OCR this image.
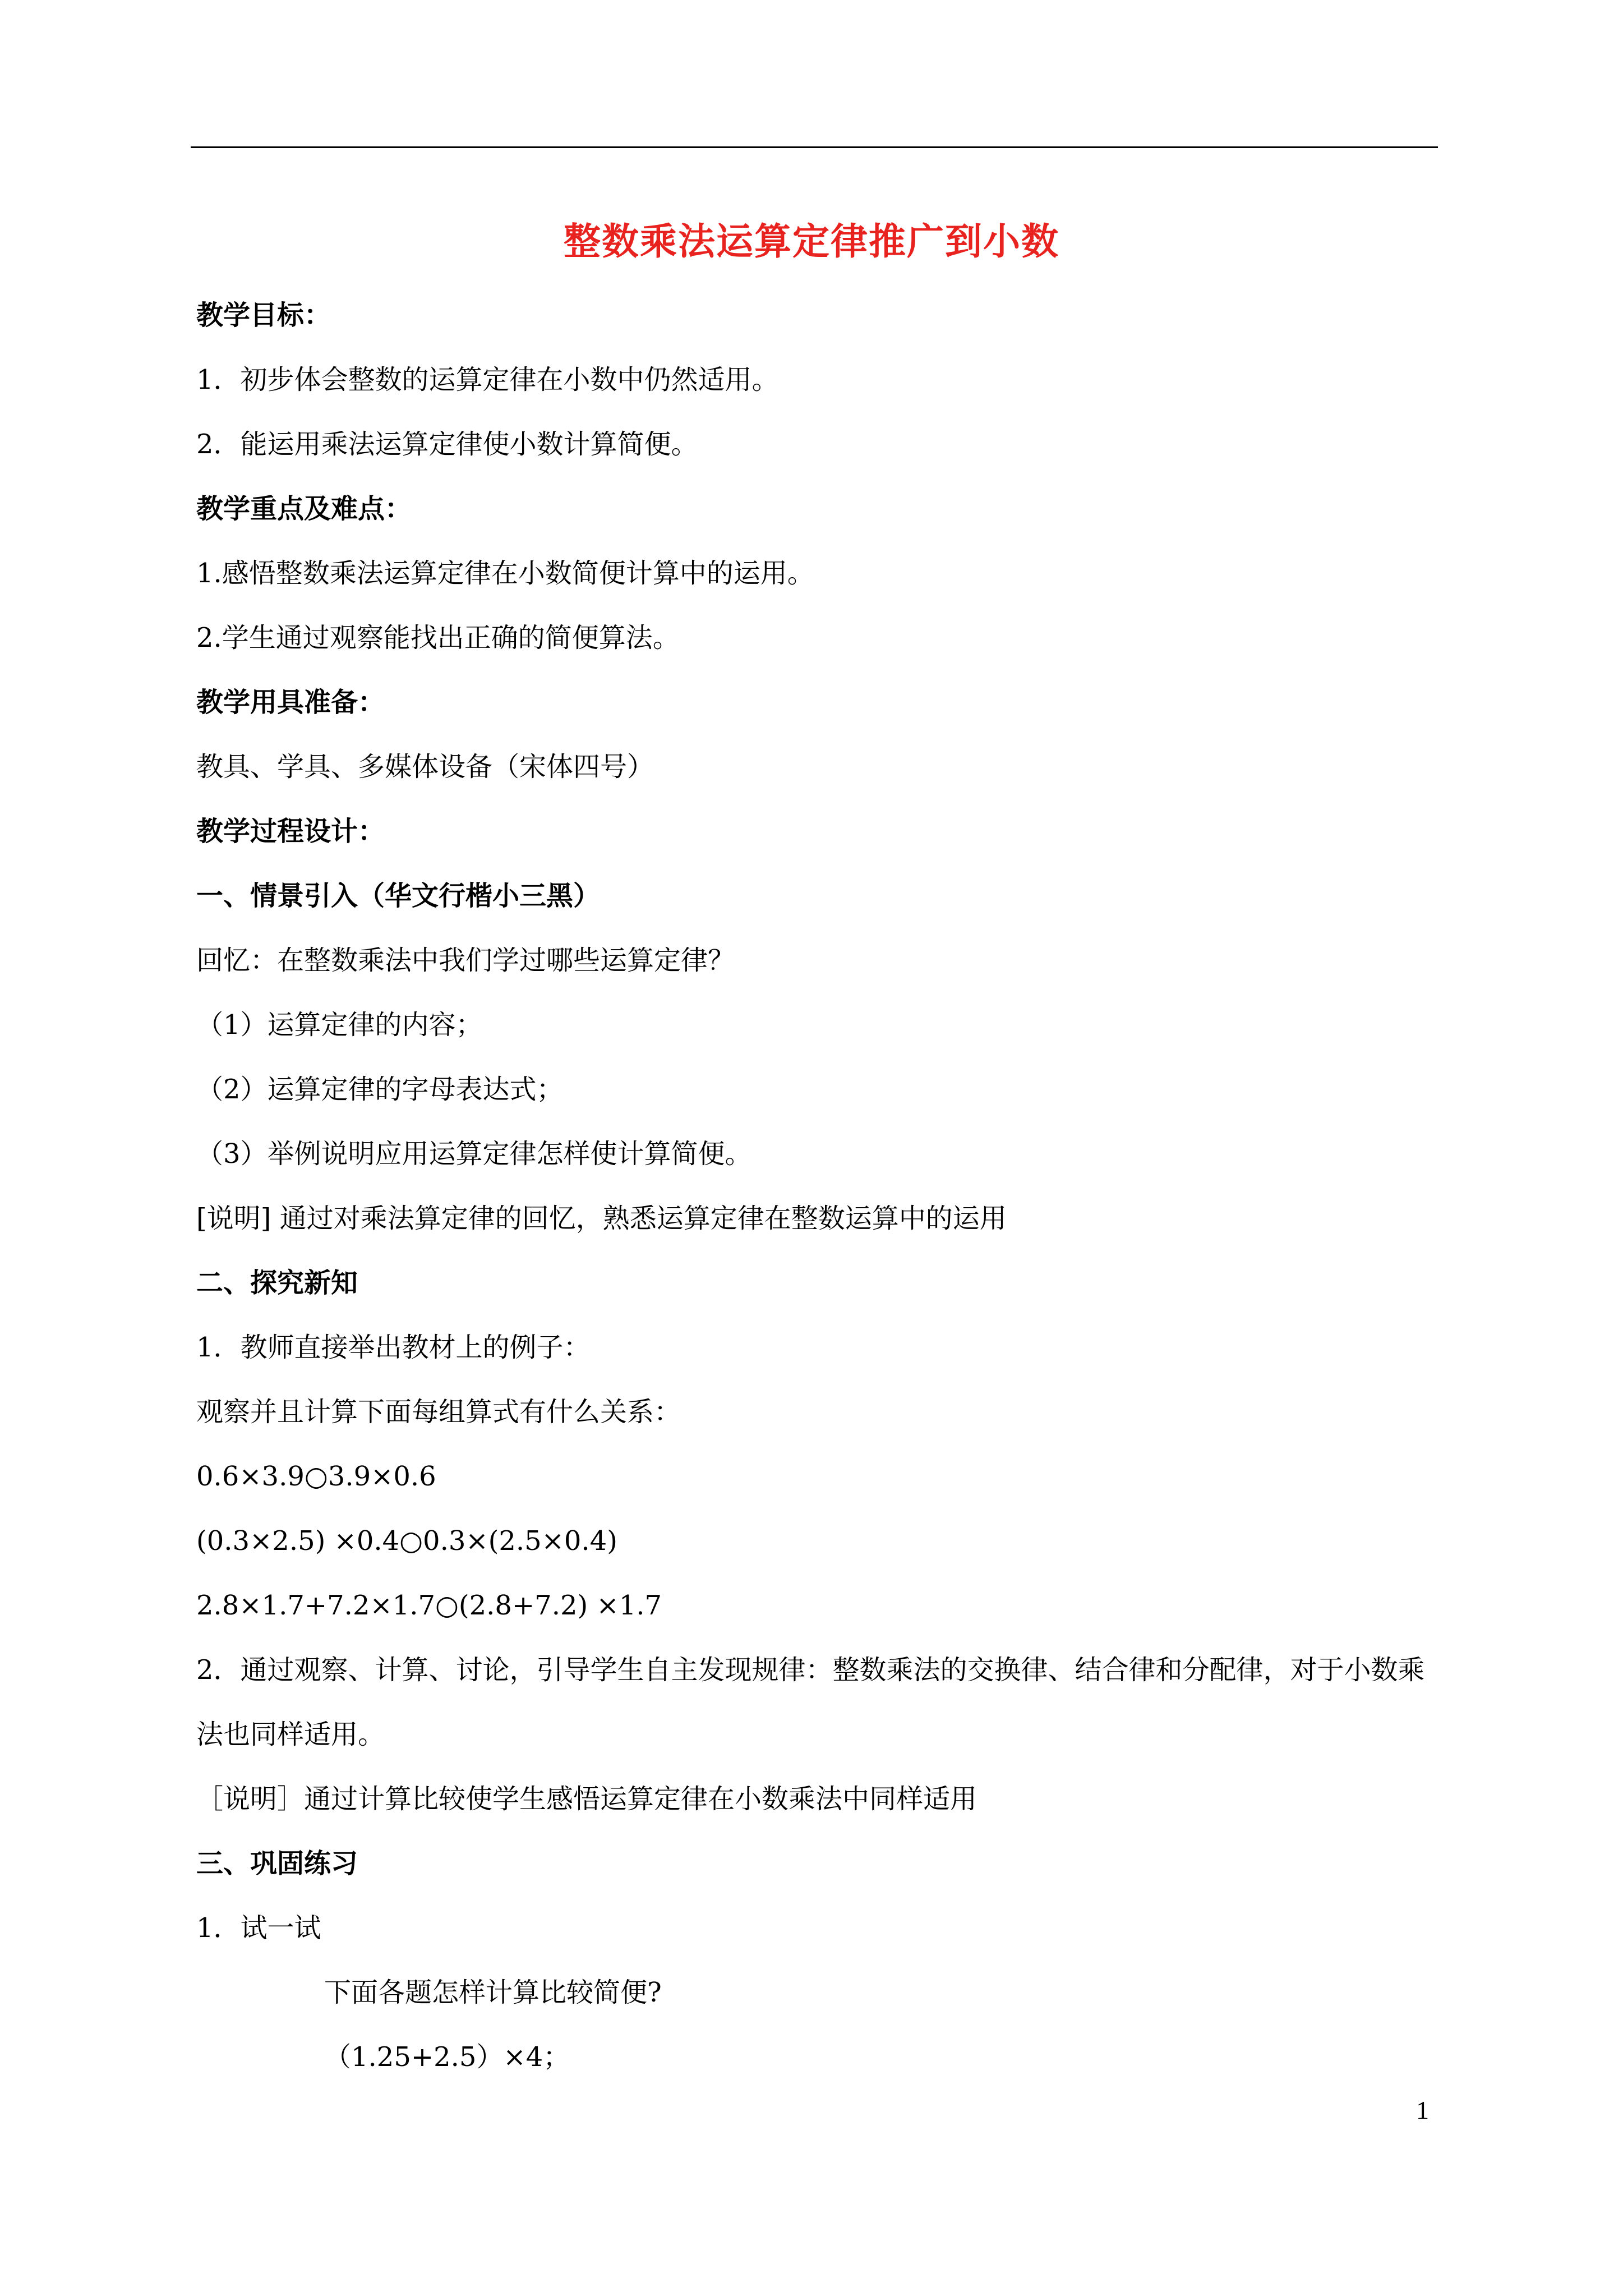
整数乘法运算定律推广到小数
教学目标：
1．初步体会整数的运算定律在小数中仍然适用。
2．能运用乘法运算定律使小数计算简便。
教学重点及难点：
1.感悟整数乘法运算定律在小数简便计算中的运用。
2.学生通过观察能找出正确的简便算法。
教学用具准备：
教具、学具、多媒体设备（宋体四号）
教学过程设计：
一、情景引入（华文行楷小三黑）
回忆：在整数乘法中我们学过哪些运算定律？
（1）运算定律的内容；
（2）运算定律的字母表达式；
（3）举例说明应用运算定律怎样使计算简便。
[说明] 通过对乘法算定律的回忆，熟悉运算定律在整数运算中的运用
二、探究新知
1．教师直接举出教材上的例子：
观察并且计算下面每组算式有什么关系：
0.6×3.9○3.9×0.6
(0.3×2.5) ×0.4○0.3×(2.5×0.4)
2.8×1.7+7.2×1.7○(2.8+7.2) ×1.7
2．通过观察、计算、讨论，引导学生自主发现规律：整数乘法的交换律、结合律和分配律，对于小数乘法也同样适用。
［说明］通过计算比较使学生感悟运算定律在小数乘法中同样适用
三、巩固练习
1．试一试
下面各题怎样计算比较简便?
（1.25+2.5）×4；
1
